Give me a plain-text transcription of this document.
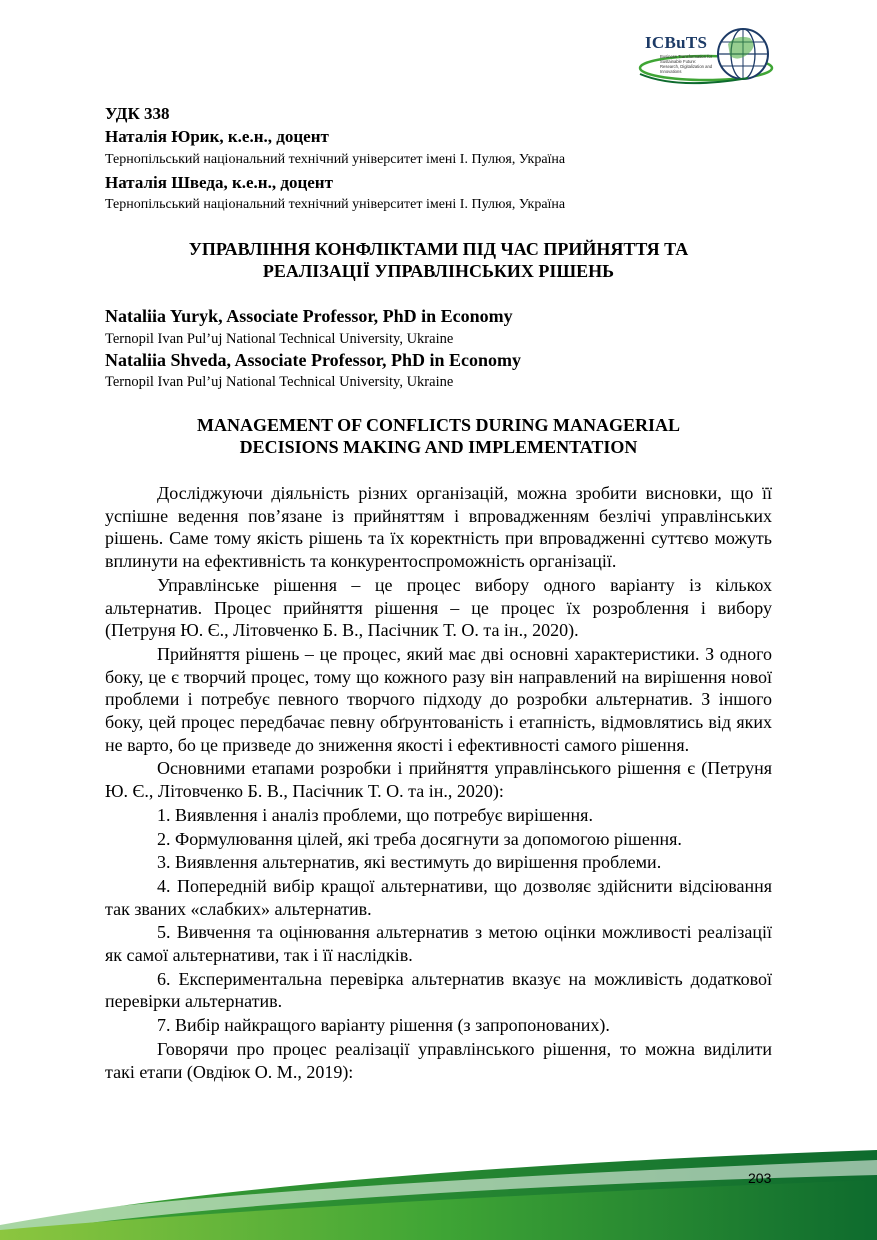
ICBuTS
Business Transformation for Sustainable Future: Research, Digitalization and Innovations
УДК 338
Наталія Юрик, к.е.н., доцент
Тернопільський національний технічний університет імені І. Пулюя, Україна
Наталія Шведа, к.е.н., доцент
Тернопільський національний технічний університет імені І. Пулюя, Україна
УПРАВЛІННЯ КОНФЛІКТАМИ ПІД ЧАС ПРИЙНЯТТЯ ТА
РЕАЛІЗАЦІЇ УПРАВЛІНСЬКИХ РІШЕНЬ
Nataliia Yuryk, Associate Professor, PhD in Economy
Ternopil Ivan Pul’uj National Technical University, Ukraine
Nataliia Shveda, Associate Professor, PhD in Economy
Ternopil Ivan Pul’uj National Technical University, Ukraine
MANAGEMENT OF CONFLICTS DURING MANAGERIAL
DECISIONS MAKING AND IMPLEMENTATION

Досліджуючи діяльність різних організацій, можна зробити висновки, що її успішне ведення пов’язане із прийняттям і впровадженням безлічі управлінських рішень. Саме тому якість рішень та їх коректність при впровадженні суттєво можуть вплинути на ефективність та конкурентоспроможність організації.

Управлінське рішення – це процес вибору одного варіанту із кількох альтернатив. Процес прийняття рішення – це процес їх розроблення і вибору (Петруня Ю. Є., Літовченко Б. В., Пасічник Т. О. та ін., 2020).

Прийняття рішень – це процес, який має дві основні характеристики. З одного боку, це є творчий процес, тому що кожного разу він направлений на вирішення нової проблеми і потребує певного творчого підходу до розробки альтернатив. З іншого боку, цей процес передбачає певну обґрунтованість і етапність, відмовлятись від яких не варто, бо це призведе до зниження якості і ефективності самого рішення.

Основними етапами розробки і прийняття управлінського рішення є (Петруня Ю. Є., Літовченко Б. В., Пасічник Т. О. та ін., 2020):

1. Виявлення і аналіз проблеми, що потребує вирішення.

2. Формулювання цілей, які треба досягнути за допомогою рішення.

3. Виявлення альтернатив, які вестимуть до вирішення проблеми.

4. Попередній вибір кращої альтернативи, що дозволяє здійснити відсіювання так званих «слабких» альтернатив.

5. Вивчення та оцінювання альтернатив з метою оцінки можливості реалізації як самої альтернативи, так і її наслідків.

6. Експериментальна перевірка альтернатив вказує на можливість додаткової перевірки альтернатив.

7. Вибір найкращого варіанту рішення (з запропонованих).

Говорячи про процес реалізації управлінського рішення, то можна виділити такі етапи (Овдіюк О. М., 2019):

203
